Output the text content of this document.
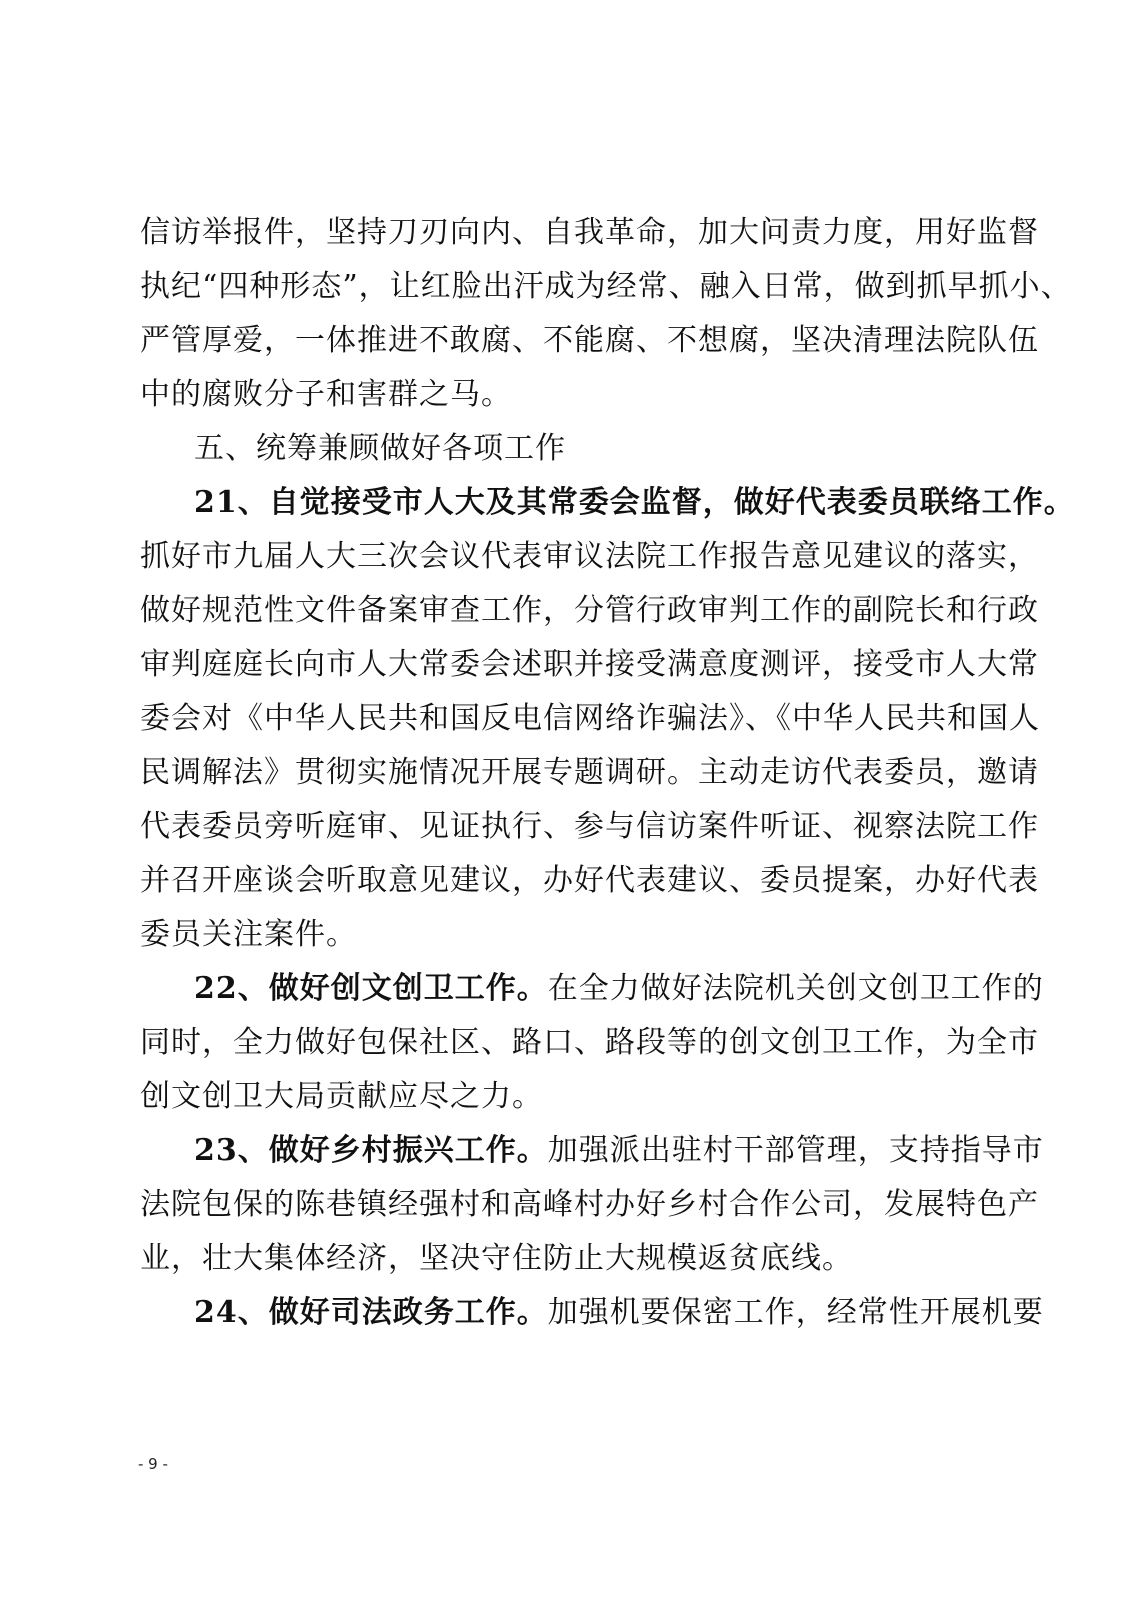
信访举报件，坚持刀刃向内、自我革命，加大问责力度，用好监督
执纪“四种形态”，让红脸出汗成为经常、融入日常，做到抓早抓小、
严管厚爱，一体推进不敢腐、不能腐、不想腐，坚决清理法院队伍
中的腐败分子和害群之马。
五、统筹兼顾做好各项工作
21、自觉接受市人大及其常委会监督，做好代表委员联络工作。
抓好市九届人大三次会议代表审议法院工作报告意见建议的落实，
做好规范性文件备案审查工作，分管行政审判工作的副院长和行政
审判庭庭长向市人大常委会述职并接受满意度测评，接受市人大常
委会对《中华人民共和国反电信网络诈骗法》、《中华人民共和国人
民调解法》贯彻实施情况开展专题调研。主动走访代表委员，邀请
代表委员旁听庭审、见证执行、参与信访案件听证、视察法院工作
并召开座谈会听取意见建议，办好代表建议、委员提案，办好代表
委员关注案件。
22、做好创文创卫工作。在全力做好法院机关创文创卫工作的
同时，全力做好包保社区、路口、路段等的创文创卫工作，为全市
创文创卫大局贡献应尽之力。
23、做好乡村振兴工作。加强派出驻村干部管理，支持指导市
法院包保的陈巷镇经强村和高峰村办好乡村合作公司，发展特色产
业，壮大集体经济，坚决守住防止大规模返贫底线。
24、做好司法政务工作。加强机要保密工作，经常性开展机要
- 9 -
